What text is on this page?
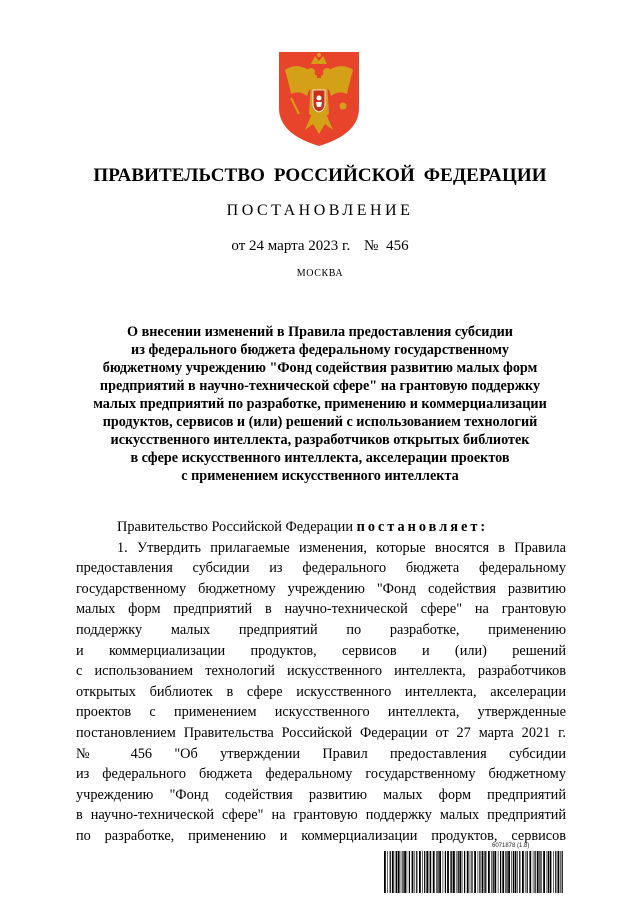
ПРАВИТЕЛЬСТВО РОССИЙСКОЙ ФЕДЕРАЦИИ
ПОСТАНОВЛЕНИЕ
от 24 марта 2023 г. № 456
МОСКВА
О внесении изменений в Правила предоставления субсидии
из федерального бюджета федеральному государственному
бюджетному учреждению "Фонд содействия развитию малых форм
предприятий в научно-технической сфере" на грантовую поддержку
малых предприятий по разработке, применению и коммерциализации
продуктов, сервисов и (или) решений с использованием технологий
искусственного интеллекта, разработчиков открытых библиотек
в сфере искусственного интеллекта, акселерации проектов
с применением искусственного интеллекта
Правительство Российской Федерации постановляет:
1. Утвердить прилагаемые изменения, которые вносятся в Правила
предоставления субсидии из федерального бюджета федеральному
государственному бюджетному учреждению "Фонд содействия развитию
малых форм предприятий в научно-технической сфере" на грантовую
поддержку малых предприятий по разработке, применению
и коммерциализации продуктов, сервисов и (или) решений
с использованием технологий искусственного интеллекта, разработчиков
открытых библиотек в сфере искусственного интеллекта, акселерации
проектов с применением искусственного интеллекта, утвержденные
постановлением Правительства Российской Федерации от 27 марта 2021 г.
№ 456 "Об утверждении Правил предоставления субсидии
из федерального бюджета федеральному государственному бюджетному
учреждению "Фонд содействия развитию малых форм предприятий
в научно-технической сфере" на грантовую поддержку малых предприятий
по разработке, применению и коммерциализации продуктов, сервисов
6071878 (1.8)
